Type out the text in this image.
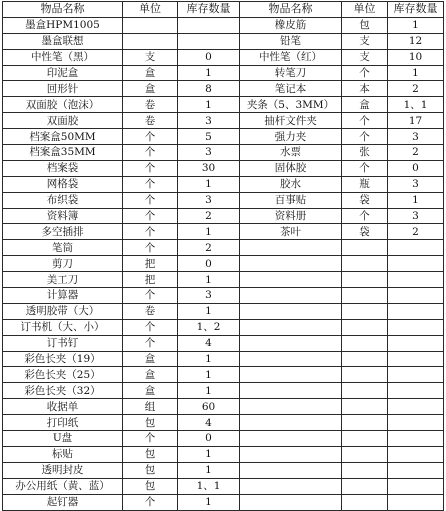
物品名称	单位	库存数量	物品名称	单位	库存数量
墨盒HPM1005			橡皮筋	包	1
墨盒联想			铅笔	支	12
中性笔（黑）	支	0	中性笔（红）	支	10
印泥盒	盒	1	转笔刀	个	1
回形针	盒	8	笔记本	本	2
双面胶（泡沫）	卷	1	夹条（5、3MM）	盒	1、1
双面胶	卷	3	抽杆文件夹	个	17
档案盒50MM	个	5	强力夹	个	3
档案盒35MM	个	3	水票	张	2
档案袋	个	30	固体胶	个	0
网格袋	个	1	胶水	瓶	3
布织袋	个	3	百事贴	袋	1
资料簿	个	2	资料册	个	3
多空插排	个	1	茶叶	袋	2
笔筒	个	2			
剪刀	把	0			
美工刀	把	1			
计算器	个	3			
透明胶带（大）	卷	1			
订书机（大、小）	个	1、2			
订书钉	个	4			
彩色长夹（19）	盒	1			
彩色长夹（25）	盒	1			
彩色长夹（32）	盒	1			
收据单	组	60			
打印纸	包	4			
U盘	个	0			
标贴	包	1			
透明封皮	包	1			
办公用纸（黄、蓝）	包	1、1			
起钉器	个	1			
